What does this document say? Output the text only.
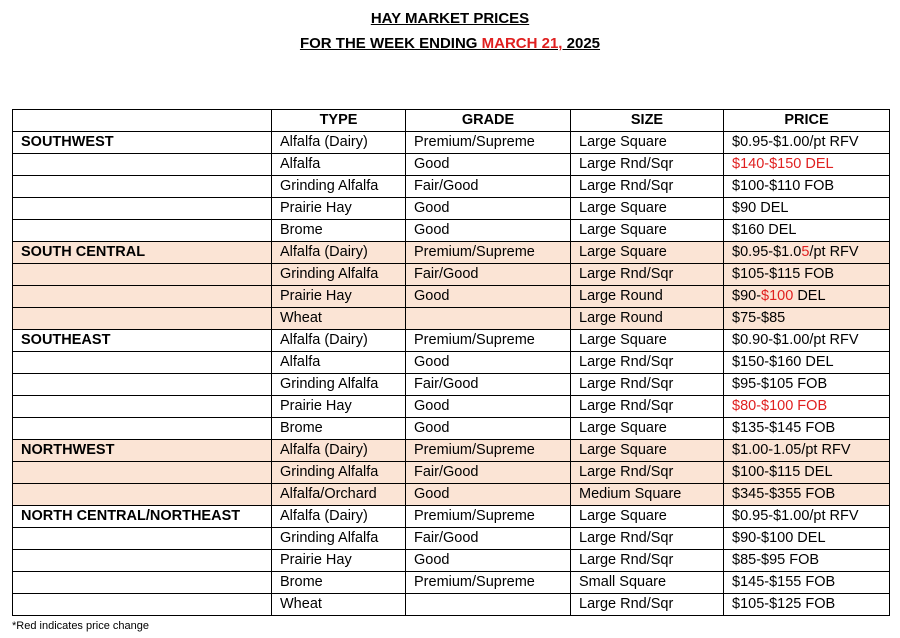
HAY MARKET PRICES
FOR THE WEEK ENDING MARCH 21, 2025
	TYPE	GRADE	SIZE	PRICE
SOUTHWEST	Alfalfa (Dairy)	Premium/Supreme	Large Square	$0.95-$1.00/pt RFV
	Alfalfa	Good	Large Rnd/Sqr	$140-$150 DEL
	Grinding Alfalfa	Fair/Good	Large Rnd/Sqr	$100-$110 FOB
	Prairie Hay	Good	Large Square	$90 DEL
	Brome	Good	Large Square	$160 DEL
SOUTH CENTRAL	Alfalfa (Dairy)	Premium/Supreme	Large Square	$0.95-$1.05/pt RFV
	Grinding Alfalfa	Fair/Good	Large Rnd/Sqr	$105-$115 FOB
	Prairie Hay	Good	Large Round	$90-$100 DEL
	Wheat		Large Round	$75-$85
SOUTHEAST	Alfalfa (Dairy)	Premium/Supreme	Large Square	$0.90-$1.00/pt RFV
	Alfalfa	Good	Large Rnd/Sqr	$150-$160 DEL
	Grinding Alfalfa	Fair/Good	Large Rnd/Sqr	$95-$105 FOB
	Prairie Hay	Good	Large Rnd/Sqr	$80-$100 FOB
	Brome	Good	Large Square	$135-$145 FOB
NORTHWEST	Alfalfa (Dairy)	Premium/Supreme	Large Square	$1.00-1.05/pt RFV
	Grinding Alfalfa	Fair/Good	Large Rnd/Sqr	$100-$115 DEL
	Alfalfa/Orchard	Good	Medium Square	$345-$355 FOB
NORTH CENTRAL/NORTHEAST	Alfalfa (Dairy)	Premium/Supreme	Large Square	$0.95-$1.00/pt RFV
	Grinding Alfalfa	Fair/Good	Large Rnd/Sqr	$90-$100 DEL
	Prairie Hay	Good	Large Rnd/Sqr	$85-$95 FOB
	Brome	Premium/Supreme	Small Square	$145-$155 FOB
	Wheat		Large Rnd/Sqr	$105-$125 FOB
*Red indicates price change
